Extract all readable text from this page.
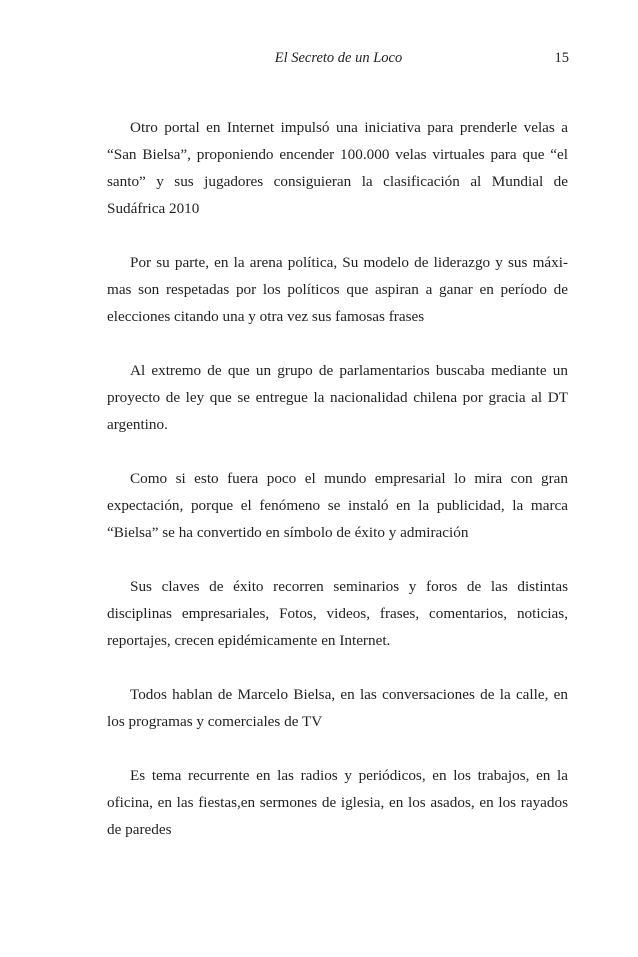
El Secreto de un Loco	15

Otro portal en Internet impulsó una iniciativa para prenderle velas a “San Bielsa”, proponiendo encender 100.000 velas virtuales para que “el santo” y sus jugadores consiguieran la clasificación al Mundial de Sudáfrica 2010

Por su parte, en la arena política, Su modelo de liderazgo y sus máximas son respetadas por los políticos que aspiran a ganar en período de elecciones citando una y otra vez sus famosas frases

Al extremo de que un grupo de parlamentarios buscaba mediante un proyecto de ley que se entregue la nacionalidad chilena por gracia al DT argentino.

Como si esto fuera poco el mundo empresarial lo mira con gran expectación, porque el fenómeno se instaló en la publicidad, la marca “Bielsa” se ha convertido en símbolo de éxito y admiración

Sus claves de éxito recorren seminarios y foros de las distintas disciplinas empresariales, Fotos, videos, frases, comentarios, noticias, reportajes, crecen epidémicamente en Internet.

Todos hablan de Marcelo Bielsa, en las conversaciones de la calle, en los programas y comerciales de TV

Es tema recurrente en las radios y periódicos, en los trabajos, en la oficina, en las fiestas,en sermones de iglesia, en los asados, en los rayados de paredes
